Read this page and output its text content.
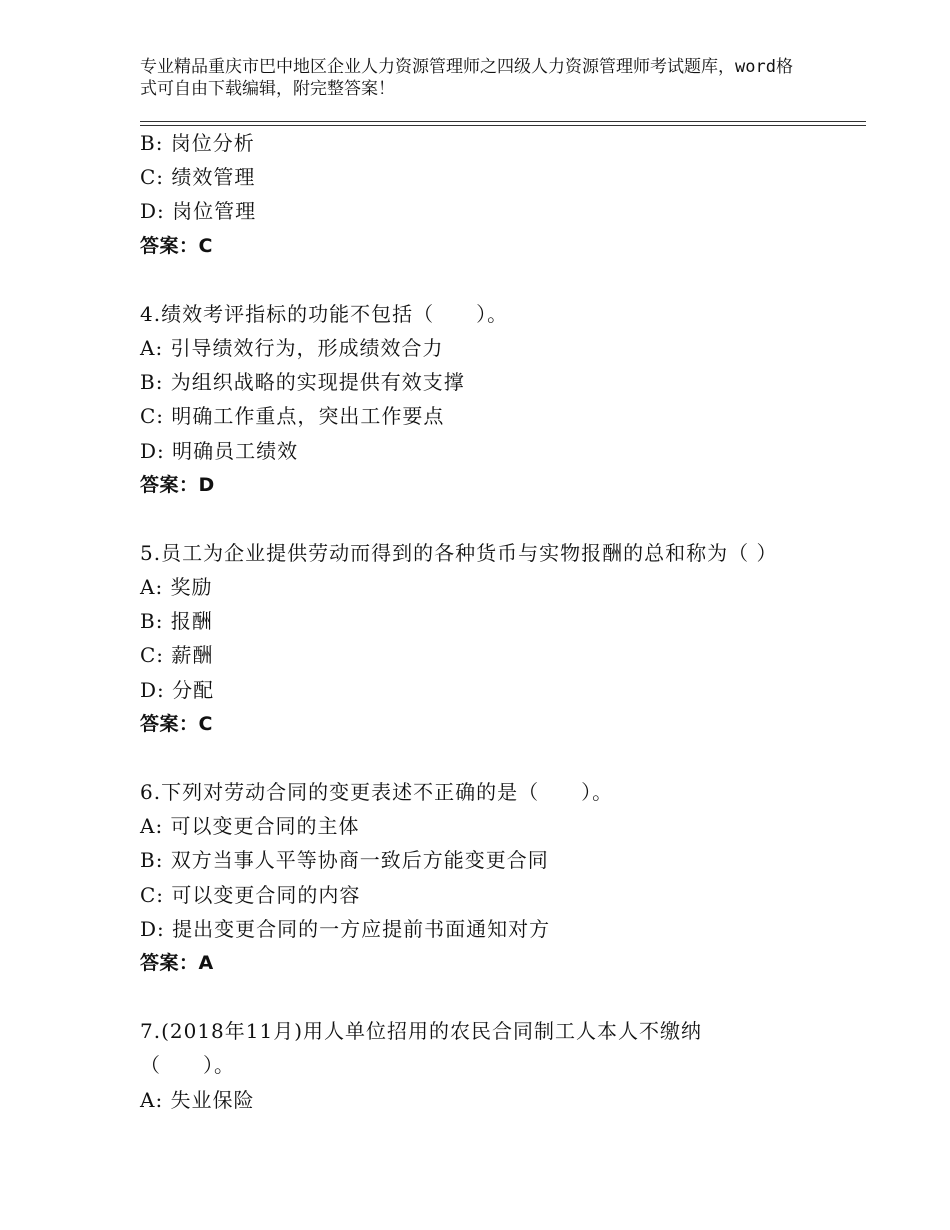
专业精品重庆市巴中地区企业人力资源管理师之四级人力资源管理师考试题库，word格式可自由下载编辑，附完整答案！
B: 岗位分析
C: 绩效管理
D: 岗位管理
答案：C
4.绩效考评指标的功能不包括（　　）。
A: 引导绩效行为，形成绩效合力
B: 为组织战略的实现提供有效支撑
C: 明确工作重点，突出工作要点
D: 明确员工绩效
答案：D
5.员工为企业提供劳动而得到的各种货币与实物报酬的总和称为（ ）
A: 奖励
B: 报酬
C: 薪酬
D: 分配
答案：C
6.下列对劳动合同的变更表述不正确的是（　　）。
A: 可以变更合同的主体
B: 双方当事人平等协商一致后方能变更合同
C: 可以变更合同的内容
D: 提出变更合同的一方应提前书面通知对方
答案：A
7.(2018年11月)用人单位招用的农民合同制工人本人不缴纳
（　　）。
A: 失业保险
